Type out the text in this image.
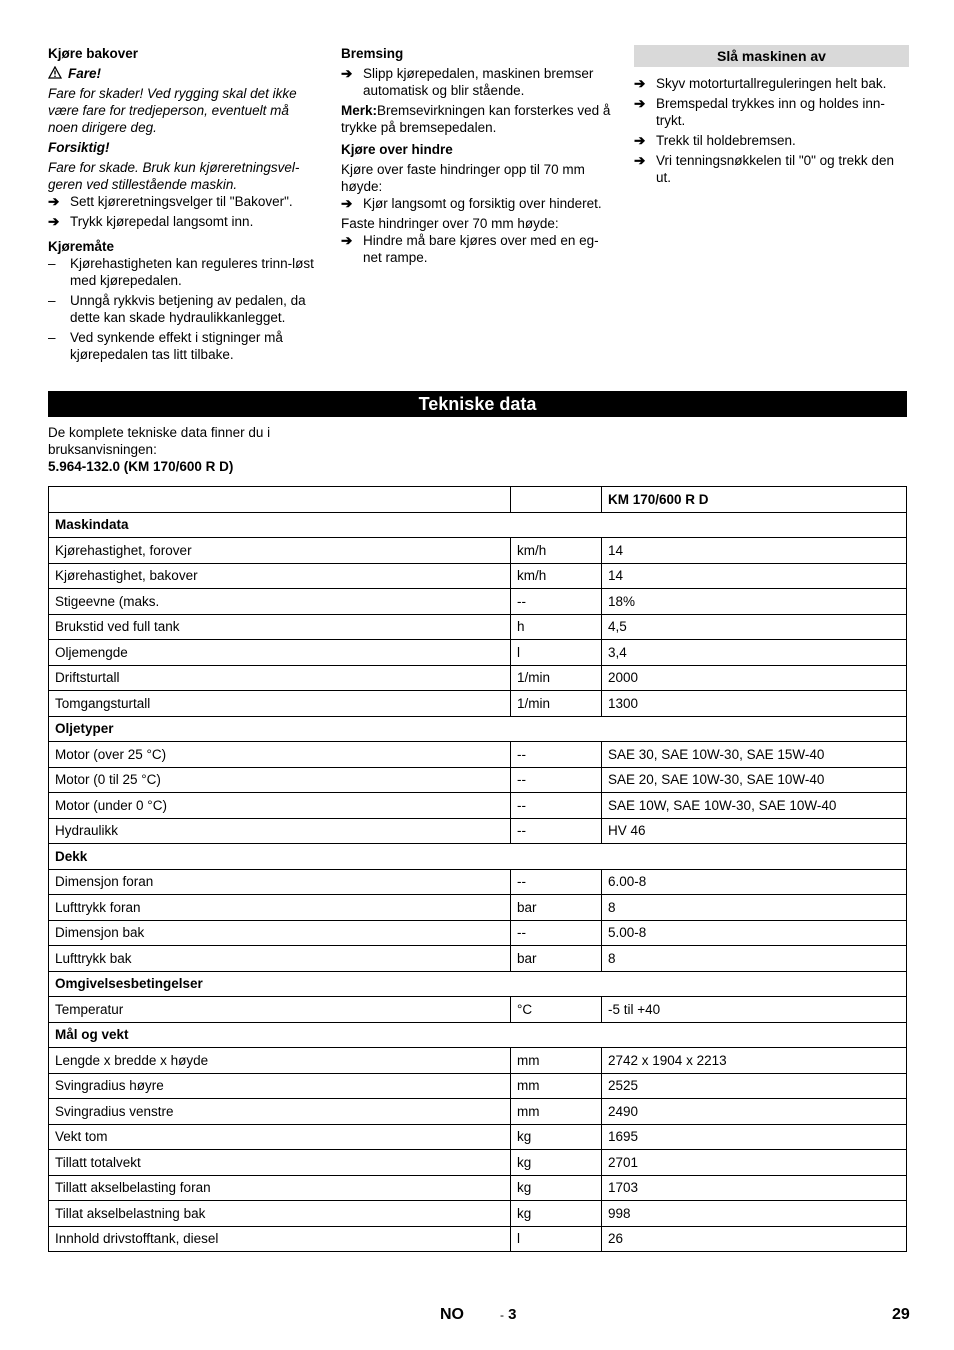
Kjøre bakover

Fare!

Fare for skader! Ved rygging skal det ikke være fare for tredjeperson, eventuelt må noen dirigere deg.

Forsiktig!

Fare for skade. Bruk kun kjøreretningsvel-geren ved stillestående maskin.

➔ Sett kjøreretningsvelger til "Bakover".
➔ Trykk kjørepedal langsomt inn.

Kjøremåte

–	Kjørehastigheten kan reguleres trinn-løst med kjørepedalen.
–	Unngå rykkvis betjening av pedalen, da dette kan skade hydraulikkanlegget.
–	Ved synkende effekt i stigninger må kjørepedalen tas litt tilbake.

Bremsing

➔ Slipp kjørepedalen, maskinen bremser automatisk og blir stående.

Merk:Bremsevirkningen kan forsterkes ved å trykke på bremsepedalen.

Kjøre over hindre

Kjøre over faste hindringer opp til 70 mm høyde:

➔ Kjør langsomt og forsiktig over hinderet.

Faste hindringer over 70 mm høyde:

➔ Hindre må bare kjøres over med en eg-net rampe.
Slå maskinen av
➔ Skyv motorturtallreguleringen helt bak.
➔ Bremspedal trykkes inn og holdes inn-trykt.
➔ Trekk til holdebremsen.
➔ Vri tenningsnøkkelen til "0" og trekk den ut.
Tekniske data

De komplete tekniske data finner du i bruksanvisningen:

5.964-132.0 (KM 170/600 R D)

		KM 170/600 R D
Maskindata		
Kjørehastighet, forover	km/h	14
Kjørehastighet, bakover	km/h	14
Stigeevne (maks.	--	18%
Brukstid ved full tank	h	4,5
Oljemengde	l	3,4
Driftsturtall	1/min	2000
Tomgangsturtall	1/min	1300
Oljetyper		
Motor (over 25 °C)	--	SAE 30, SAE 10W-30, SAE 15W-40
Motor (0 til 25 °C)	--	SAE 20, SAE 10W-30, SAE 10W-40
Motor (under 0 °C)	--	SAE 10W, SAE 10W-30, SAE 10W-40
Hydraulikk	--	HV 46
Dekk		
Dimensjon foran	--	6.00-8
Lufttrykk foran	bar	8
Dimensjon bak	--	5.00-8
Lufttrykk bak	bar	8
Omgivelsesbetingelser		
Temperatur	°C	-5 til +40
Mål og vekt		
Lengde x bredde x høyde	mm	2742 x 1904 x 2213
Svingradius høyre	mm	2525
Svingradius venstre	mm	2490
Vekt tom	kg	1695
Tillatt totalvekt	kg	2701
Tillatt akselbelasting foran	kg	1703
Tillat akselbelastning bak	kg	998
Innhold drivstofftank, diesel	l	26
NO	- 3	29
